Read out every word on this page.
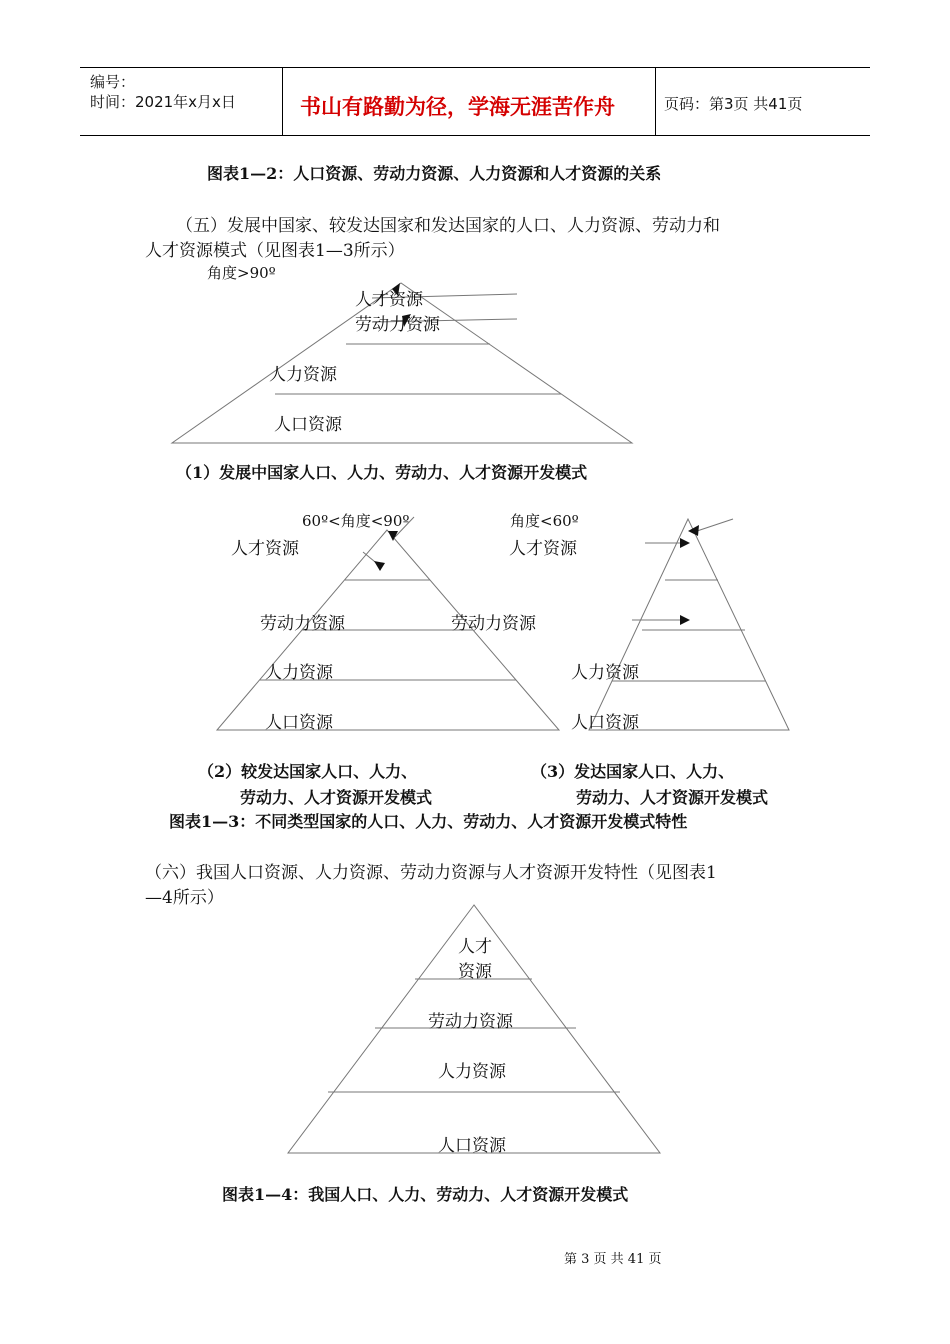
编号：
时间：2021年x月x日	书山有路勤为径，学海无涯苦作舟	页码：第3页 共41页
图表1—2：人口资源、劳动力资源、人力资源和人才资源的关系
（五）发展中国家、较发达国家和发达国家的人口、人力资源、劳动力和
人才资源模式（见图表1—3所示）
角度>90º
人才资源
劳动力资源
人力资源
人口资源
（1）发展中国家人口、人力、劳动力、人才资源开发模式
60º<角度<90º
人才资源
劳动力资源	劳动力资源
人力资源
人口资源
角度<60º
人才资源
人力资源
人口资源
（2）较发达国家人口、人力、
劳动力、人才资源开发模式
（3）发达国家人口、人力、
劳动力、人才资源开发模式
图表1—3：不同类型国家的人口、人力、劳动力、人才资源开发模式特性
（六）我国人口资源、人力资源、劳动力资源与人才资源开发特性（见图表1
—4所示）
人才
资源
劳动力资源
人力资源
人口资源
图表1—4：我国人口、人力、劳动力、人才资源开发模式
第 3 页 共 41 页
